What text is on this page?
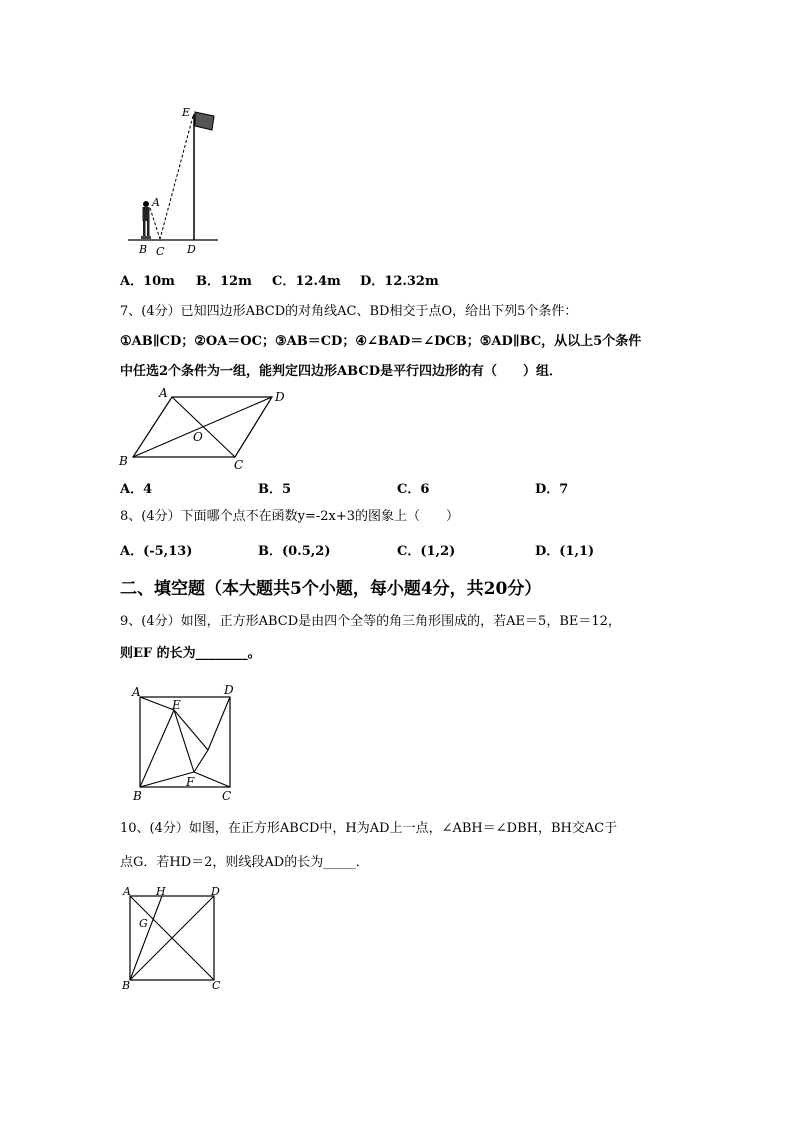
E
A
B C D
A．10m B．12m C．12.4m D．12.32m
7、(4分）已知四边形ABCD的对角线AC、BD相交于点O，给出下列5个条件：
①AB∥CD；②OA＝OC；③AB＝CD；④∠BAD＝∠DCB；⑤AD∥BC，从以上5个条件
中任选2个条件为一组，能判定四边形ABCD是平行四边形的有（　　）组．
A	D
O
B	C
A．4	B．5	C．6	D．7
8、(4分）下面哪个点不在函数y=-2x+3的图象上（　　）
A．(-5,13)	B．(0.5,2)	C．(1,2)	D．(1,1)
二、填空题（本大题共5个小题，每小题4分，共20分）
9、(4分）如图，正方形ABCD是由四个全等的角三角形围成的，若AE＝5，BE＝12，
则EF 的长为________。
A	D
E
F
B	C
10、(4分）如图，在正方形ABCD中，H为AD上一点，∠ABH＝∠DBH，BH交AC于
点G．若HD＝2，则线段AD的长为_____．
A H	D
G
B	C
